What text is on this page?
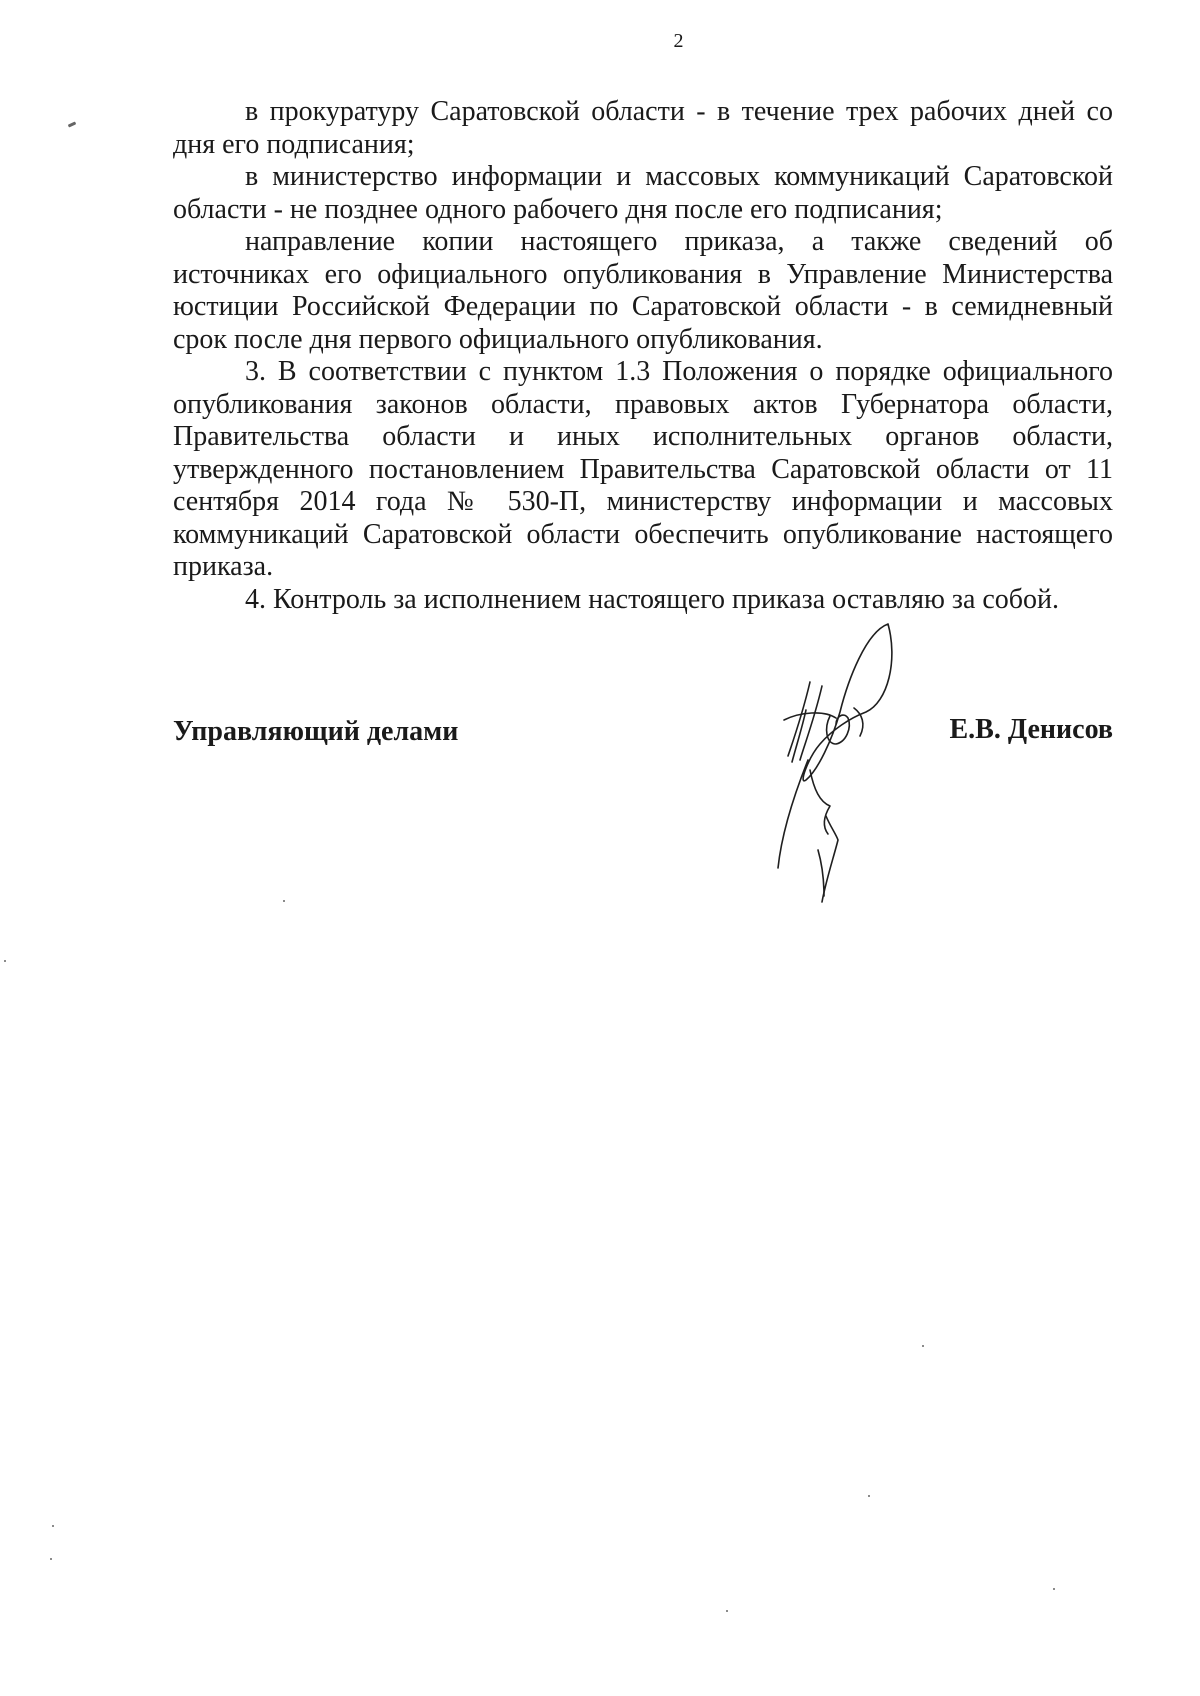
2

в прокуратуру Саратовской области - в течение трех рабочих дней со дня его подписания;

в министерство информации и массовых коммуникаций Саратовской области - не позднее одного рабочего дня после его подписания;

направление копии настоящего приказа, а также сведений об источниках его официального опубликования в Управление Министерства юстиции Российской Федерации по Саратовской области - в семидневный срок после дня первого официального опубликования.

3. В соответствии с пунктом 1.3 Положения о порядке официального опубликования законов области, правовых актов Губернатора области, Правительства области и иных исполнительных органов области, утвержденного постановлением Правительства Саратовской области от 11 сентября 2014 года № 530-П, министерству информации и массовых коммуникаций Саратовской области обеспечить опубликование настоящего приказа.

4. Контроль за исполнением настоящего приказа оставляю за собой.

Управляющий делами	Е.В. Денисов
